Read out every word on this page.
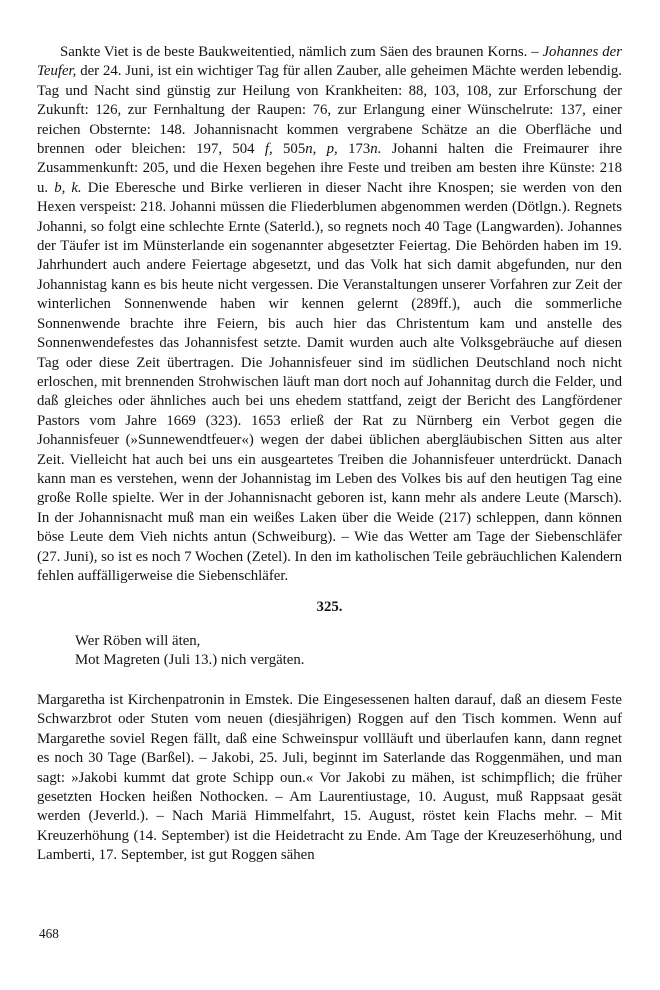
Sankte Viet is de beste Baukweitentied, nämlich zum Säen des braunen Korns. – Johannes der Teufer, der 24. Juni, ist ein wichtiger Tag für allen Zauber, alle geheimen Mächte werden lebendig. Tag und Nacht sind günstig zur Heilung von Krankheiten: 88, 103, 108, zur Erforschung der Zukunft: 126, zur Fernhaltung der Raupen: 76, zur Erlangung einer Wünschelrute: 137, einer reichen Obsternte: 148. Johannisnacht kommen vergrabene Schätze an die Oberfläche und brennen oder bleichen: 197, 504 f, 505n, p, 173n. Johanni halten die Freimaurer ihre Zusammenkunft: 205, und die Hexen begehen ihre Feste und treiben am besten ihre Künste: 218 u. b, k. Die Eberesche und Birke verlieren in dieser Nacht ihre Knospen; sie werden von den Hexen verspeist: 218. Johanni müssen die Fliederblumen abgenommen werden (Dötlgn.). Regnets Johanni, so folgt eine schlechte Ernte (Saterld.), so regnets noch 40 Tage (Langwarden). Johannes der Täufer ist im Münsterlande ein sogenannter abgesetzter Feiertag. Die Behörden haben im 19. Jahrhundert auch andere Feiertage abgesetzt, und das Volk hat sich damit abgefunden, nur den Johannistag kann es bis heute nicht vergessen. Die Veranstaltungen unserer Vorfahren zur Zeit der winterlichen Sonnenwende haben wir kennen gelernt (289ff.), auch die sommerliche Sonnenwende brachte ihre Feiern, bis auch hier das Christentum kam und anstelle des Sonnenwendefestes das Johannisfest setzte. Damit wurden auch alte Volksgebräuche auf diesen Tag oder diese Zeit übertragen. Die Johannisfeuer sind im südlichen Deutschland noch nicht erloschen, mit brennenden Strohwischen läuft man dort noch auf Johannitag durch die Felder, und daß gleiches oder ähnliches auch bei uns ehedem stattfand, zeigt der Bericht des Langfördener Pastors vom Jahre 1669 (323). 1653 erließ der Rat zu Nürnberg ein Verbot gegen die Johannisfeuer (»Sunnewendtfeuer«) wegen der dabei üblichen abergläubischen Sitten aus alter Zeit. Vielleicht hat auch bei uns ein ausgeartetes Treiben die Johannisfeuer unterdrückt. Danach kann man es verstehen, wenn der Johannistag im Leben des Volkes bis auf den heutigen Tag eine große Rolle spielte. Wer in der Johannisnacht geboren ist, kann mehr als andere Leute (Marsch). In der Johannisnacht muß man ein weißes Laken über die Weide (217) schleppen, dann können böse Leute dem Vieh nichts antun (Schweiburg). – Wie das Wetter am Tage der Siebenschläfer (27. Juni), so ist es noch 7 Wochen (Zetel). In den im katholischen Teile gebräuchlichen Kalendern fehlen auffälligerweise die Siebenschläfer.

325.
Wer Röben will äten,
Mot Magreten (Juli 13.) nich vergäten.

Margaretha ist Kirchenpatronin in Emstek. Die Eingesessenen halten darauf, daß an diesem Feste Schwarzbrot oder Stuten vom neuen (diesjährigen) Roggen auf den Tisch kommen. Wenn auf Margarethe soviel Regen fällt, daß eine Schweinspur vollläuft und überlaufen kann, dann regnet es noch 30 Tage (Barßel). – Jakobi, 25. Juli, beginnt im Saterlande das Roggenmähen, und man sagt: »Jakobi kummt dat grote Schipp oun.« Vor Jakobi zu mähen, ist schimpflich; die früher gesetzten Hocken heißen Nothocken. – Am Laurentiustage, 10. August, muß Rappsaat gesät werden (Jeverld.). – Nach Mariä Himmelfahrt, 15. August, röstet kein Flachs mehr. – Mit Kreuzerhöhung (14. September) ist die Heidetracht zu Ende. Am Tage der Kreuzeserhöhung, und Lamberti, 17. September, ist gut Roggen sähen

468
